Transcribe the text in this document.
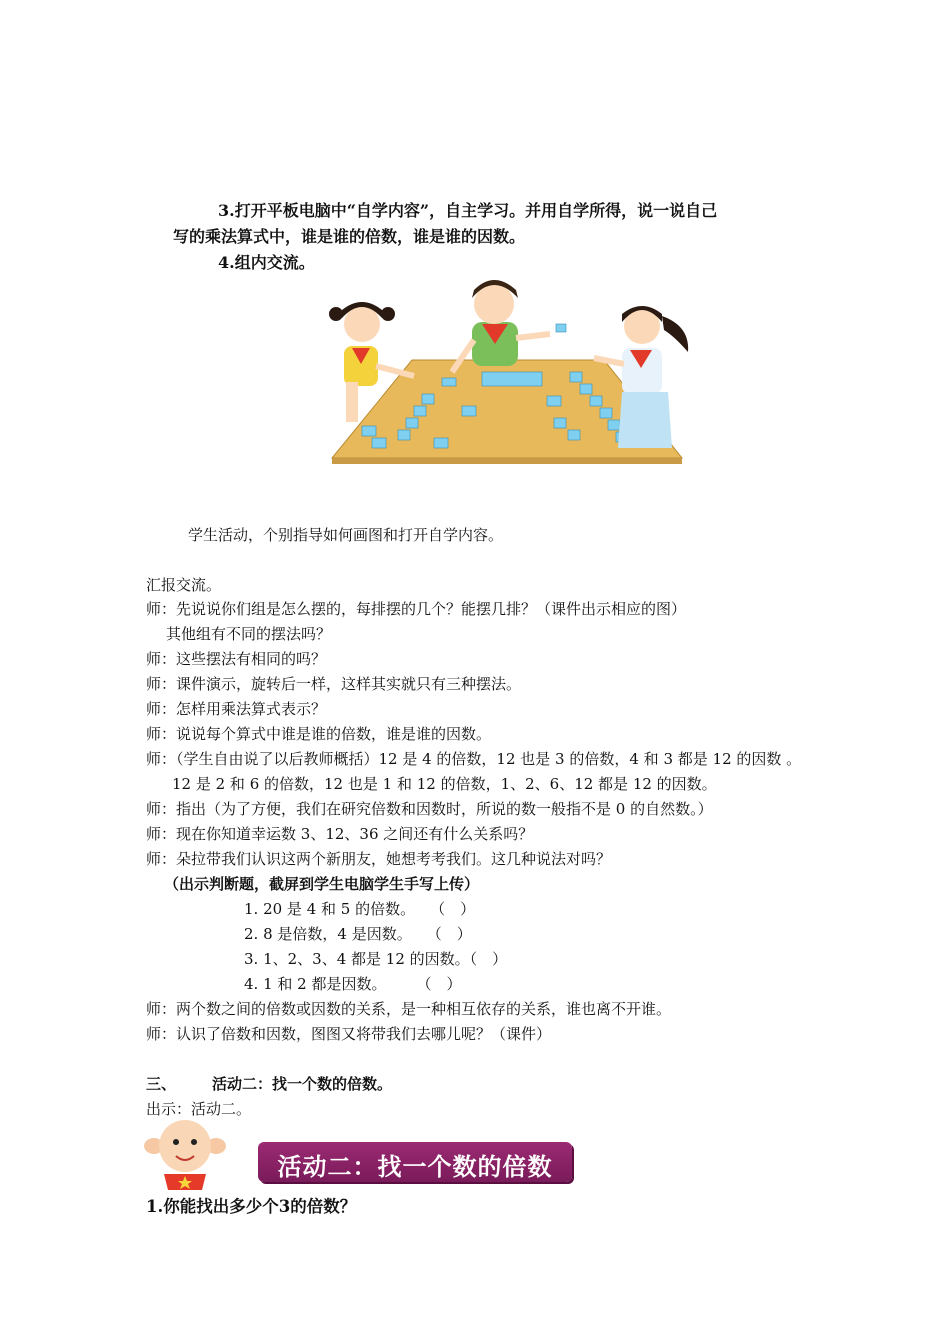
3.打开平板电脑中“自学内容”，自主学习。并用自学所得，说一说自己
写的乘法算式中，谁是谁的倍数，谁是谁的因数。
4.组内交流。
学生活动，个别指导如何画图和打开自学内容。
汇报交流。
师：先说说你们组是怎么摆的，每排摆的几个？能摆几排？（课件出示相应的图）
其他组有不同的摆法吗？
师：这些摆法有相同的吗？
师：课件演示，旋转后一样，这样其实就只有三种摆法。
师：怎样用乘法算式表示？
师：说说每个算式中谁是谁的倍数，谁是谁的因数。
师：（学生自由说了以后教师概括）12 是 4 的倍数，12 也是 3 的倍数，4 和 3 都是 12 的因数 。
12 是 2 和 6 的倍数，12 也是 1 和 12 的倍数，1、2、6、12 都是 12 的因数。
师：指出（为了方便，我们在研究倍数和因数时，所说的数一般指不是 0 的自然数。）
师：现在你知道幸运数 3、12、36 之间还有什么关系吗？
师：朵拉带我们认识这两个新朋友，她想考考我们。这几种说法对吗？
（出示判断题，截屏到学生电脑学生手写上传）
1. 20 是 4 和 5 的倍数。　　（　）
2. 8 是倍数，4 是因数。　　（　）
3. 1、2、3、4 都是 12 的因数。（　）
4. 1 和 2 都是因数。　　　（　）
师：两个数之间的倍数或因数的关系，是一种相互依存的关系，谁也离不开谁。
师：认识了倍数和因数，图图又将带我们去哪儿呢？（课件）
三、 活动二：找一个数的倍数。
出示：活动二。
活动二：找一个数的倍数
1.你能找出多少个3的倍数？
